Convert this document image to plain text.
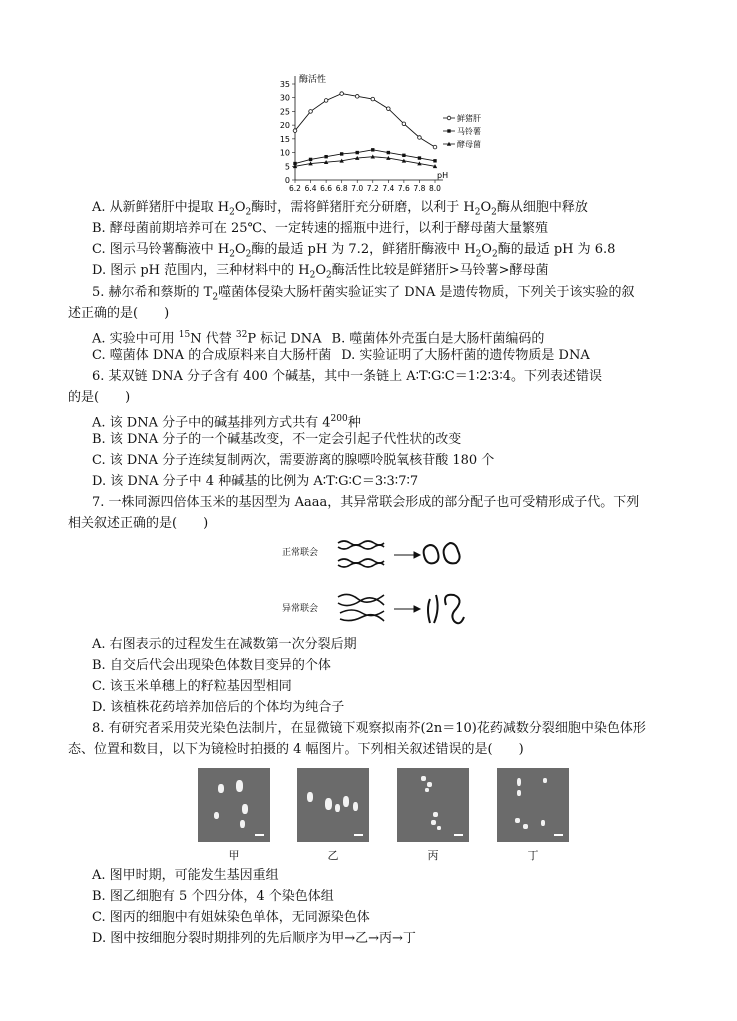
0
5
10
15
20
25
30
35
6.2 6.4 6.6 6.8 7.0 7.2 7.4 7.6 7.8 8.0
酶活性
pH
鲜猪肝
马铃薯
酵母菌
A. 从新鲜猪肝中提取 $H_2O_2$酶时，需将鲜猪肝充分研磨，以利于 $H_2O_2$酶从细胞中释放
B. 酵母菌前期培养可在 25℃、一定转速的摇瓶中进行，以利于酵母菌大量繁殖
C. 图示马铃薯酶液中 $H_2O_2$酶的最适 pH 为 7.2，鲜猪肝酶液中 $H_2O_2$酶的最适 pH 为 6.8
D. 图示 pH 范围内，三种材料中的 $H_2O_2$酶活性比较是鲜猪肝>马铃薯>酵母菌
5. 赫尔希和蔡斯的 $T_2$噬菌体侵染大肠杆菌实验证实了 DNA 是遗传物质，下列关于该实验的叙
述正确的是(　　)
A. 实验中可用 $^{15}$N 代替 $^{32}$P 标记 DNA B. 噬菌体外壳蛋白是大肠杆菌编码的
C. 噬菌体 DNA 的合成原料来自大肠杆菌 D. 实验证明了大肠杆菌的遗传物质是 DNA
6. 某双链 DNA 分子含有 400 个碱基，其中一条链上 A∶T∶G∶C＝1∶2∶3∶4。下列表述错误
的是(　　)
A. 该 DNA 分子中的碱基排列方式共有 $4^{200}$种
B. 该 DNA 分子的一个碱基改变，不一定会引起子代性状的改变
C. 该 DNA 分子连续复制两次，需要游离的腺嘌呤脱氧核苷酸 180 个
D. 该 DNA 分子中 4 种碱基的比例为 A∶T∶G∶C＝3∶3∶7∶7
7. 一株同源四倍体玉米的基因型为 Aaaa，其异常联会形成的部分配子也可受精形成子代。下列
相关叙述正确的是(　　)
正常联会
异常联会
A. 右图表示的过程发生在减数第一次分裂后期
B. 自交后代会出现染色体数目变异的个体
C. 该玉米单穗上的籽粒基因型相同
D. 该植株花药培养加倍后的个体均为纯合子
8. 有研究者采用荧光染色法制片，在显微镜下观察拟南芥(2n＝10)花药减数分裂细胞中染色体形
态、位置和数目，以下为镜检时拍摄的 4 幅图片。下列相关叙述错误的是(　　)
甲	乙	丙	丁
A. 图甲时期，可能发生基因重组
B. 图乙细胞有 5 个四分体，4 个染色体组
C. 图丙的细胞中有姐妹染色单体，无同源染色体
D. 图中按细胞分裂时期排列的先后顺序为甲→乙→丙→丁
